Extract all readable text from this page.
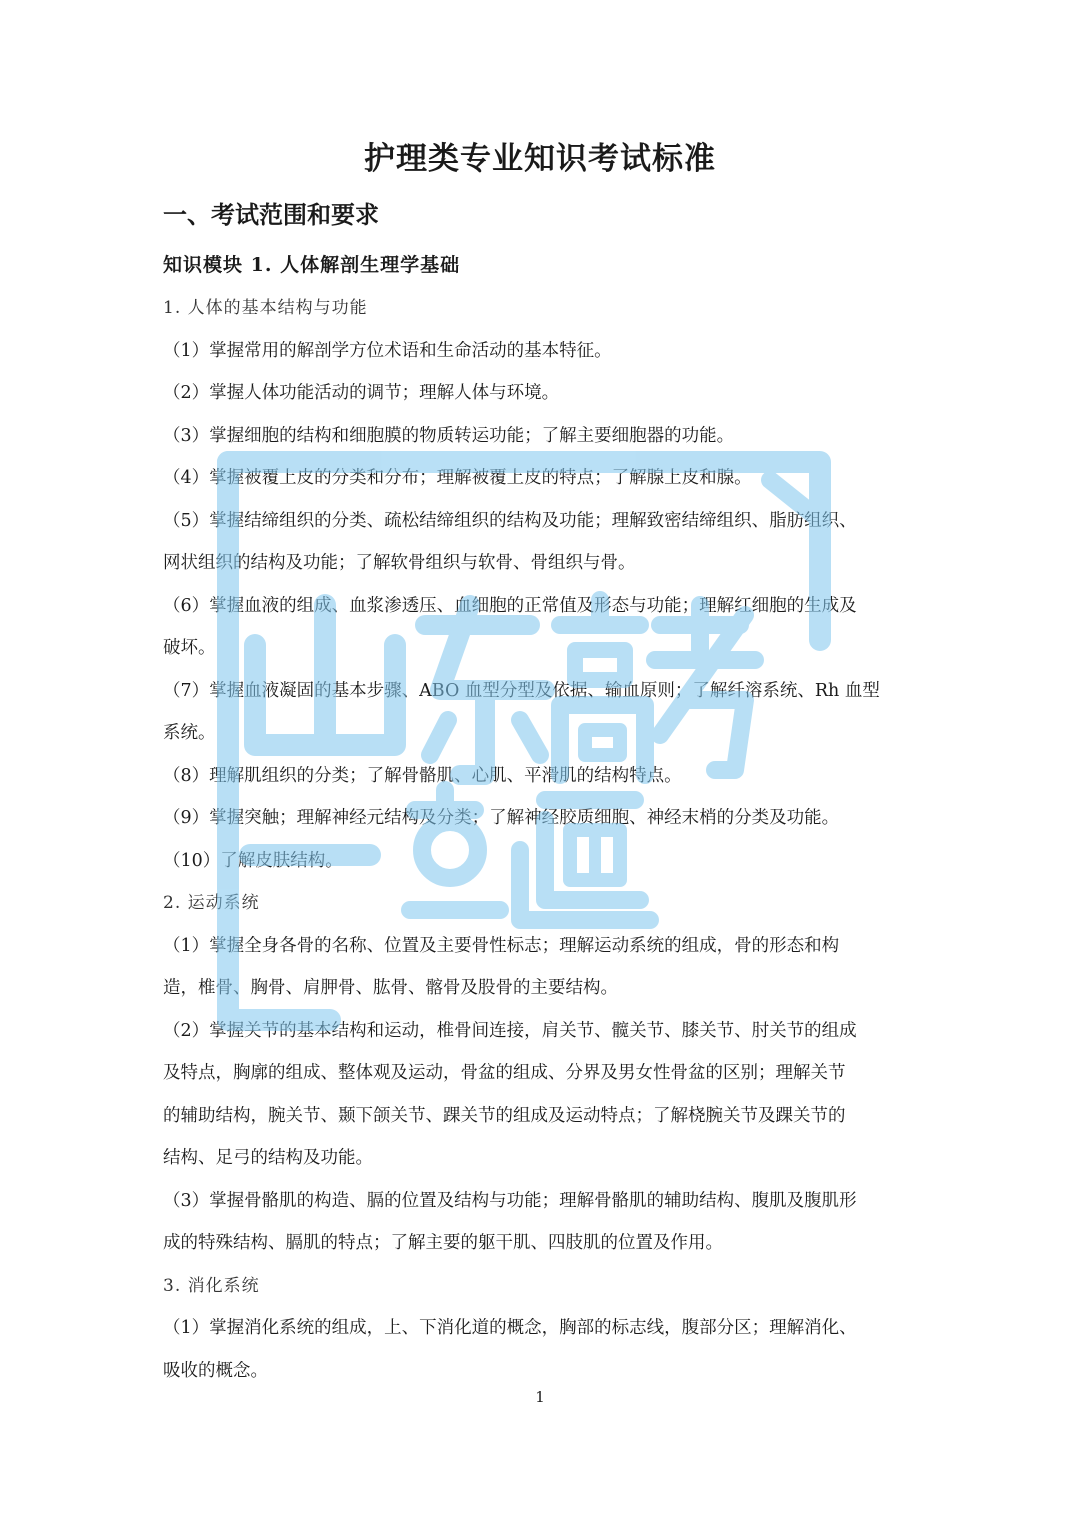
护理类专业知识考试标准
一、考试范围和要求
知识模块 1. 人体解剖生理学基础
1. 人体的基本结构与功能
（1）掌握常用的解剖学方位术语和生命活动的基本特征。
（2）掌握人体功能活动的调节；理解人体与环境。
（3）掌握细胞的结构和细胞膜的物质转运功能；了解主要细胞器的功能。
（4）掌握被覆上皮的分类和分布；理解被覆上皮的特点；了解腺上皮和腺。
（5）掌握结缔组织的分类、疏松结缔组织的结构及功能；理解致密结缔组织、脂肪组织、
网状组织的结构及功能；了解软骨组织与软骨、骨组织与骨。
（6）掌握血液的组成、血浆渗透压、血细胞的正常值及形态与功能；理解红细胞的生成及
破坏。
（7）掌握血液凝固的基本步骤、ABO 血型分型及依据、输血原则；了解纤溶系统、Rh 血型
系统。
（8）理解肌组织的分类；了解骨骼肌、心肌、平滑肌的结构特点。
（9）掌握突触；理解神经元结构及分类；了解神经胶质细胞、神经末梢的分类及功能。
（10）了解皮肤结构。
2. 运动系统
（1）掌握全身各骨的名称、位置及主要骨性标志；理解运动系统的组成，骨的形态和构
造，椎骨、胸骨、肩胛骨、肱骨、髂骨及股骨的主要结构。
（2）掌握关节的基本结构和运动，椎骨间连接，肩关节、髋关节、膝关节、肘关节的组成
及特点，胸廓的组成、整体观及运动，骨盆的组成、分界及男女性骨盆的区别；理解关节
的辅助结构，腕关节、颞下颌关节、踝关节的组成及运动特点；了解桡腕关节及踝关节的
结构、足弓的结构及功能。
（3）掌握骨骼肌的构造、膈的位置及结构与功能；理解骨骼肌的辅助结构、腹肌及腹肌形
成的特殊结构、膈肌的特点；了解主要的躯干肌、四肢肌的位置及作用。
3. 消化系统
（1）掌握消化系统的组成，上、下消化道的概念，胸部的标志线，腹部分区；理解消化、
吸收的概念。
1
